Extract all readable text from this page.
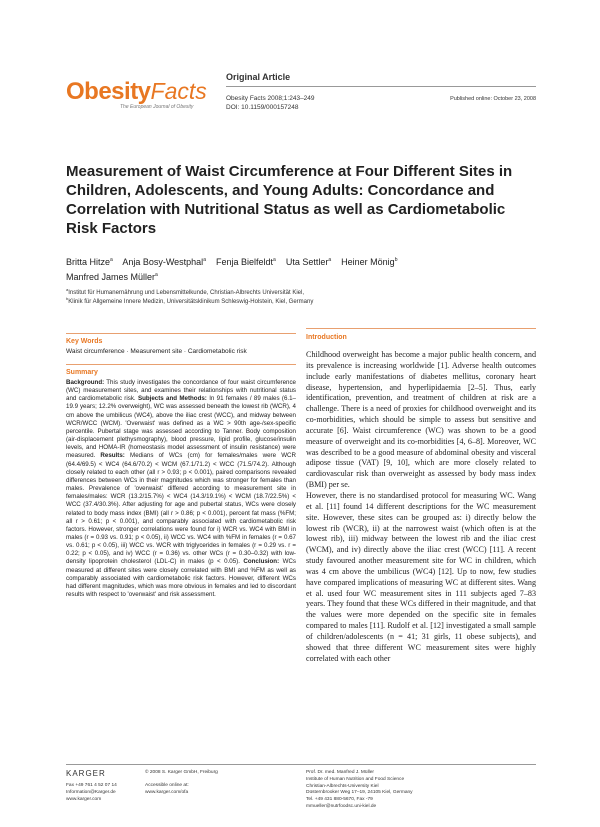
ObesityFacts
The European Journal of Obesity
Original Article
Obesity Facts 2008;1:243–249
DOI: 10.1159/000157248
Published online: October 23, 2008
Measurement of Waist Circumference at Four Different Sites in Children, Adolescents, and Young Adults: Concordance and Correlation with Nutritional Status as well as Cardiometabolic Risk Factors
Britta Hitze$^a$ Anja Bosy-Westphal$^a$ Fenja Bielfeldt$^a$ Uta Settler$^a$ Heiner Mönig$^b$
Manfred James Müller$^a$
$^a$Institut für Humanernährung und Lebensmittelkunde, Christian-Albrechts Universität Kiel,
$^b$Klinik für Allgemeine Innere Medizin, Universitätsklinikum Schleswig-Holstein, Kiel, Germany
Key Words
Waist circumference · Measurement site · Cardiometabolic risk
Summary
Background: This study investigates the concordance of four waist circumference (WC) measurement sites, and examines their relationships with nutritional status and cardiometabolic risk. Subjects and Methods: In 91 females / 89 males (6.1–19.9 years; 12.2% overweight), WC was assessed beneath the lowest rib (WCR), 4 cm above the umbilicus (WC4), above the iliac crest (WCC), and midway between WCR/WCC (WCM). 'Overwaist' was defined as a WC > 90th age-/sex-specific percentile. Pubertal stage was assessed according to Tanner. Body composition (air-displacement plethysmography), blood pressure, lipid profile, glucose/insulin levels, and HOMA-IR (homeostasis model assessment of insulin resistance) were measured. Results: Medians of WCs (cm) for females/males were WCR (64.4/69.5) < WC4 (64.6/70.2) < WCM (67.1/71.2) < WCC (71.5/74.2). Although closely related to each other (all r > 0.93; p < 0.001), paired comparisons revealed differences between WCs in their magnitudes which was stronger for females than males. Prevalence of 'overwaist' differed according to measurement site in females/males: WCR (13.2/15.7%) < WC4 (14.3/19.1%) < WCM (18.7/22.5%) < WCC (37.4/30.3%). After adjusting for age and pubertal status, WCs were closely related to body mass index (BMI) (all r > 0.86; p < 0.001), percent fat mass (%FM; all r > 0.61; p < 0.001), and comparably associated with cardiometabolic risk factors. However, stronger correlations were found for i) WCR vs. WC4 with BMI in males (r = 0.93 vs. 0.91; p < 0.05), ii) WCC vs. WC4 with %FM in females (r = 0.67 vs. 0.61; p < 0.05), iii) WCC vs. WCR with triglycerides in females (r = 0.29 vs. r = 0.22; p < 0.05), and iv) WCC (r = 0.36) vs. other WCs (r = 0.30–0.32) with low-density lipoprotein cholesterol (LDL-C) in males (p < 0.05). Conclusion: WCs measured at different sites were closely correlated with BMI and %FM as well as comparably associated with cardiometabolic risk factors. However, different WCs had different magnitudes, which was more obvious in females and led to discordant results with respect to 'overwaist' and risk assessment.
Introduction

Childhood overweight has become a major public health concern, and its prevalence is increasing worldwide [1]. Adverse health outcomes include early manifestations of diabetes mellitus, coronary heart disease, hypertension, and hyperlipidaemia [2–5]. Thus, early identification, prevention, and treatment of children at risk are a challenge. There is a need of proxies for childhood overweight and its co-morbidities, which should be simple to assess but sensitive and accurate [6]. Waist circumference (WC) was shown to be a good measure of overweight and its co-morbidities [4, 6–8]. Moreover, WC was described to be a good measure of abdominal obesity and visceral adipose tissue (VAT) [9, 10], which are more closely related to cardiovascular risk than overweight as assessed by body mass index (BMI) per se.

However, there is no standardised protocol for measuring WC. Wang et al. [11] found 14 different descriptions for the WC measurement site. However, these sites can be grouped as: i) directly below the lowest rib (WCR), ii) at the narrowest waist (which often is at the lowest rib), iii) midway between the lowest rib and the iliac crest (WCM), and iv) directly above the iliac crest (WCC) [11]. A recent study favoured another measurement site for WC in children, which was 4 cm above the umbilicus (WC4) [12]. Up to now, few studies have compared implications of measuring WC at different sites. Wang et al. used four WC measurement sites in 111 subjects aged 7–83 years. They found that these WCs differed in their magnitude, and that the values were more depended on the specific site in females compared to males [11]. Rudolf et al. [12] investigated a small sample of children/adolescents (n = 41; 31 girls, 11 obese subjects), and showed that three different WC measurement sites were highly correlated with each other

KARGER
Fax +49 761 4 52 07 14
Information@Karger.de
www.karger.com
© 2008 S. Karger GmbH, Freiburg
Accessible online at:
www.karger.com/ofa
Prof. Dr. med. Manfred J. Müller
Institute of Human Nutrition and Food Science
Christian-Albrechts-University Kiel
Düsternbrooker Weg 17–19, 24105 Kiel, Germany
Tel. +49 431 880-5670, Fax -79
mmueller@nutrfoodsc.uni-kiel.de
